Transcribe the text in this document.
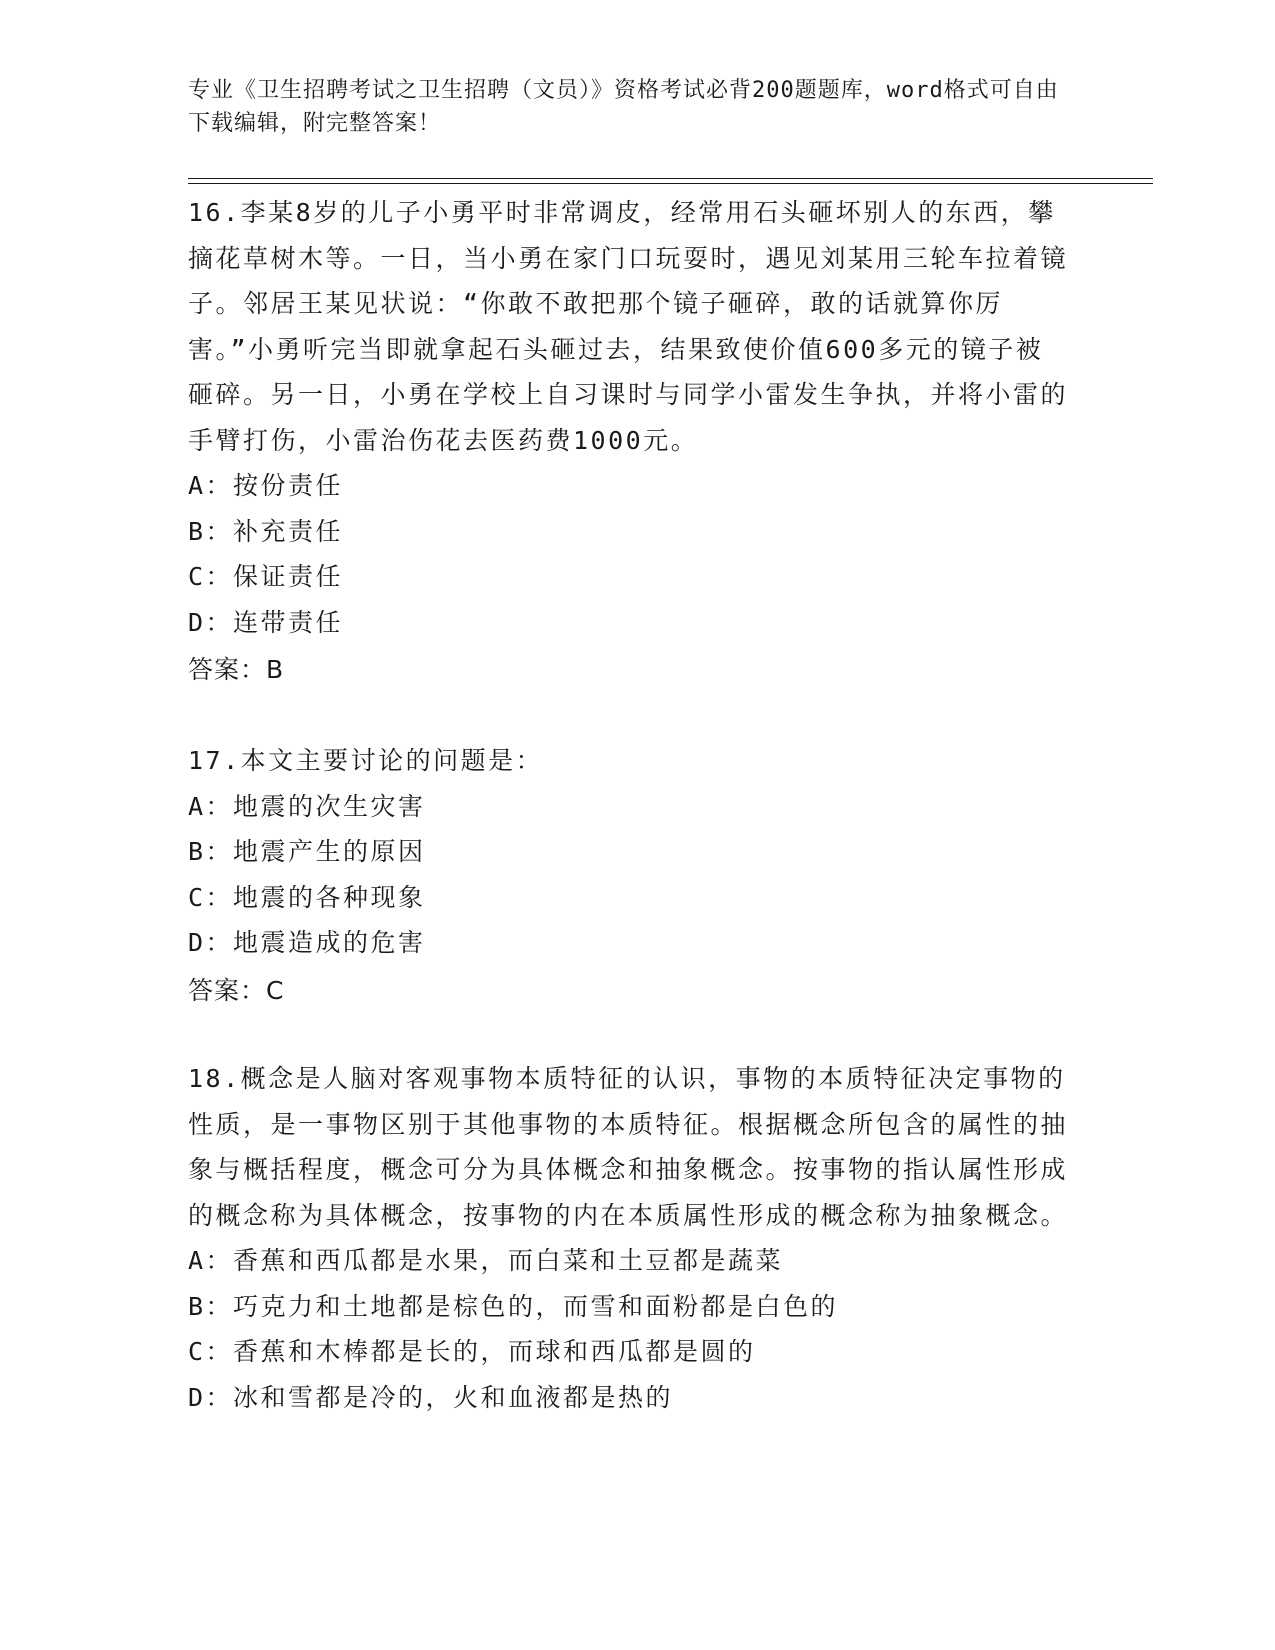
专业《卫生招聘考试之卫生招聘（文员）》资格考试必背200题题库，word格式可自由下载编辑，附完整答案！
16.李某8岁的儿子小勇平时非常调皮，经常用石头砸坏别人的东西，攀摘花草树木等。一日，当小勇在家门口玩耍时，遇见刘某用三轮车拉着镜子。邻居王某见状说：“你敢不敢把那个镜子砸碎，敢的话就算你厉害。”小勇听完当即就拿起石头砸过去，结果致使价值600多元的镜子被砸碎。另一日，小勇在学校上自习课时与同学小雷发生争执，并将小雷的手臂打伤，小雷治伤花去医药费1000元。
A：按份责任
B：补充责任
C：保证责任
D：连带责任
答案：B
17.本文主要讨论的问题是：
A：地震的次生灾害
B：地震产生的原因
C：地震的各种现象
D：地震造成的危害
答案：C
18.概念是人脑对客观事物本质特征的认识，事物的本质特征决定事物的性质，是一事物区别于其他事物的本质特征。根据概念所包含的属性的抽象与概括程度，概念可分为具体概念和抽象概念。按事物的指认属性形成的概念称为具体概念，按事物的内在本质属性形成的概念称为抽象概念。
A：香蕉和西瓜都是水果，而白菜和土豆都是蔬菜
B：巧克力和土地都是棕色的，而雪和面粉都是白色的
C：香蕉和木棒都是长的，而球和西瓜都是圆的
D：冰和雪都是冷的，火和血液都是热的
